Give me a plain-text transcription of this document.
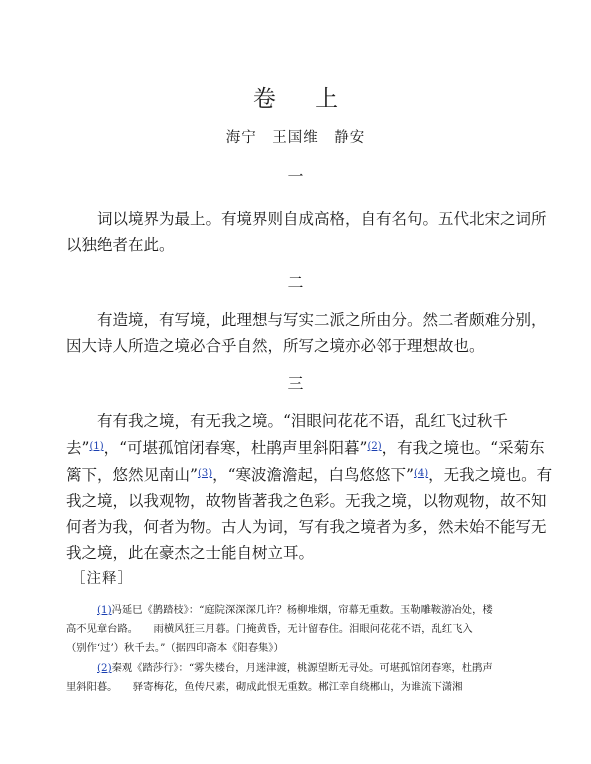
卷 上
海宁　王国维　静安
一
词以境界为最上。有境界则自成高格，自有名句。五代北宋之词所
以独绝者在此。
二
有造境，有写境，此理想与写实二派之所由分。然二者颇难分别，
因大诗人所造之境必合乎自然，所写之境亦必邻于理想故也。
三
有有我之境，有无我之境。“泪眼问花花不语，乱红飞过秋千
去”$^{(1)}$，“可堪孤馆闭春寒，杜鹃声里斜阳暮”$^{(2)}$，有我之境也。“采菊东
篱下，悠然见南山”$^{(3)}$，“寒波澹澹起，白鸟悠悠下”$^{(4)}$，无我之境也。有
我之境，以我观物，故物皆著我之色彩。无我之境，以物观物，故不知
何者为我，何者为物。古人为词，写有我之境者为多，然未始不能写无
我之境，此在豪杰之士能自树立耳。
［注释］
(1)冯延巳《鹊踏枝》：“庭院深深深几许？杨柳堆烟，帘幕无重数。玉勒雕鞍游冶处，楼
高不见章台路。　　雨横风狂三月暮。门掩黄昏，无计留春住。泪眼问花花不语，乱红飞入
（别作‘过’）秋千去。”（据四印斋本《阳春集》）
(2)秦观《踏莎行》：“雾失楼台，月迷津渡，桃源望断无寻处。可堪孤馆闭春寒，杜鹃声
里斜阳暮。　　驿寄梅花，鱼传尺素，砌成此恨无重数。郴江幸自绕郴山，为谁流下潇湘
